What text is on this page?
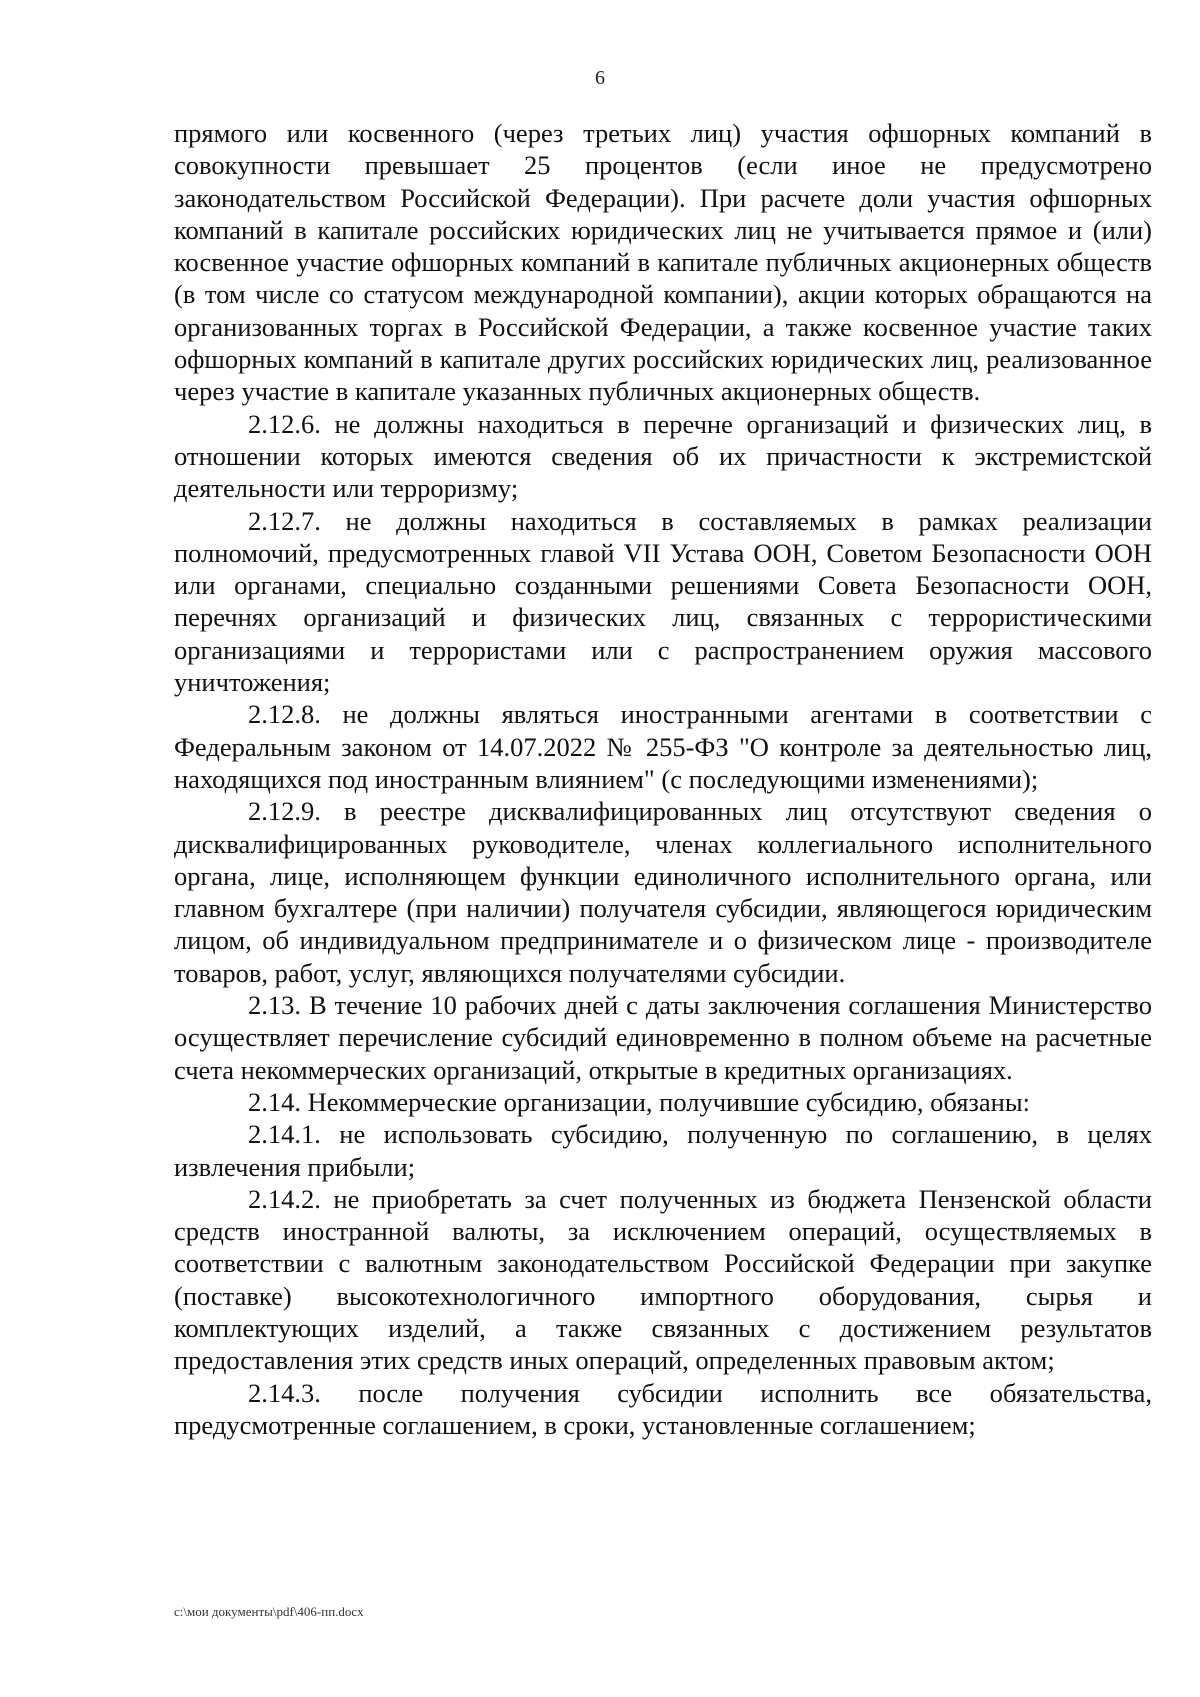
6

прямого или косвенного (через третьих лиц) участия офшорных компаний в совокупности превышает 25 процентов (если иное не предусмотрено законодательством Российской Федерации). При расчете доли участия офшорных компаний в капитале российских юридических лиц не учитывается прямое и (или) косвенное участие офшорных компаний в капитале публичных акционерных обществ (в том числе со статусом международной компании), акции которых обращаются на организованных торгах в Российской Федерации, а также косвенное участие таких офшорных компаний в капитале других российских юридических лиц, реализованное через участие в капитале указанных публичных акционерных обществ.

2.12.6. не должны находиться в перечне организаций и физических лиц, в отношении которых имеются сведения об их причастности к экстремистской деятельности или терроризму;

2.12.7. не должны находиться в составляемых в рамках реализации полномочий, предусмотренных главой VII Устава ООН, Советом Безопасности ООН или органами, специально созданными решениями Совета Безопасности ООН, перечнях организаций и физических лиц, связанных с террористическими организациями и террористами или с распространением оружия массового уничтожения;

2.12.8. не должны являться иностранными агентами в соответствии с Федеральным законом от 14.07.2022 № 255-ФЗ "О контроле за деятельностью лиц, находящихся под иностранным влиянием" (с последующими изменениями);

2.12.9. в реестре дисквалифицированных лиц отсутствуют сведения о дисквалифицированных руководителе, членах коллегиального исполнительного органа, лице, исполняющем функции единоличного исполнительного органа, или главном бухгалтере (при наличии) получателя субсидии, являющегося юридическим лицом, об индивидуальном предпринимателе и о физическом лице - производителе товаров, работ, услуг, являющихся получателями субсидии.

2.13. В течение 10 рабочих дней с даты заключения соглашения Министерство осуществляет перечисление субсидий единовременно в полном объеме на расчетные счета некоммерческих организаций, открытые в кредитных организациях.

2.14. Некоммерческие организации, получившие субсидию, обязаны:

2.14.1. не использовать субсидию, полученную по соглашению, в целях извлечения прибыли;

2.14.2. не приобретать за счет полученных из бюджета Пензенской области средств иностранной валюты, за исключением операций, осуществляемых в соответствии с валютным законодательством Российской Федерации при закупке (поставке) высокотехнологичного импортного оборудования, сырья и комплектующих изделий, а также связанных с достижением результатов предоставления этих средств иных операций, определенных правовым актом;

2.14.3. после получения субсидии исполнить все обязательства, предусмотренные соглашением, в сроки, установленные соглашением;

c:\мои документы\pdf\406-пп.docx
